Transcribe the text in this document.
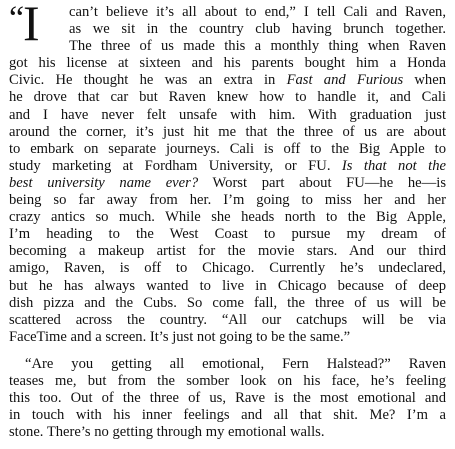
“
I	can’t believe it’s all about to end,” I tell Cali and Raven,
as we sit in the country club having brunch together.
The three of us made this a monthly thing when Raven
got his license at sixteen and his parents bought him a Honda
Civic. He thought he was an extra in Fast and Furious when
he drove that car but Raven knew how to handle it, and Cali
and I have never felt unsafe with him. With graduation just
around the corner, it’s just hit me that the three of us are about
to embark on separate journeys. Cali is off to the Big Apple to
study marketing at Fordham University, or FU. Is that not the
best university name ever? Worst part about FU—he he—is
being so far away from her. I’m going to miss her and her
crazy antics so much. While she heads north to the Big Apple,
I’m heading to the West Coast to pursue my dream of
becoming a makeup artist for the movie stars. And our third
amigo, Raven, is off to Chicago. Currently he’s undeclared,
but he has always wanted to live in Chicago because of deep
dish pizza and the Cubs. So come fall, the three of us will be
scattered across the country. “All our catchups will be via
FaceTime and a screen. It’s just not going to be the same.”
“Are you getting all emotional, Fern Halstead?” Raven
teases me, but from the somber look on his face, he’s feeling
this too. Out of the three of us, Rave is the most emotional and
in touch with his inner feelings and all that shit. Me? I’m a
stone. There’s no getting through my emotional walls.
